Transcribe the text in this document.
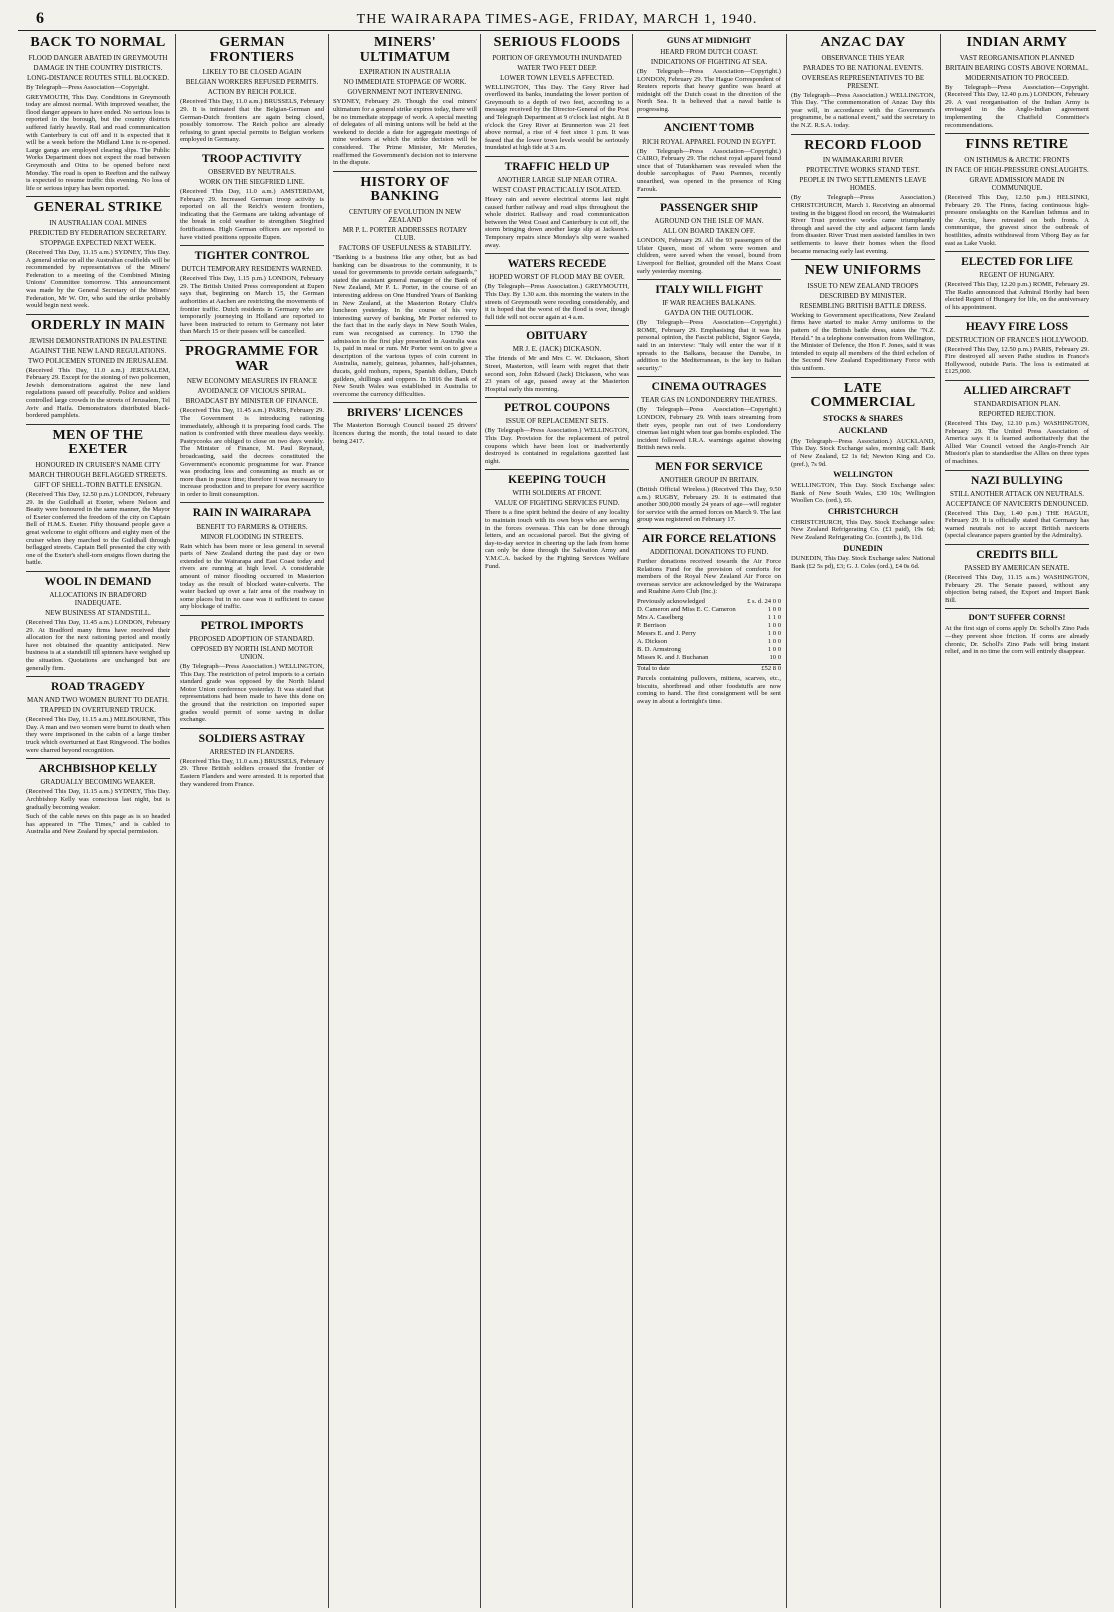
6	THE WAIRARAPA TIMES-AGE, FRIDAY, MARCH 1, 1940.
BACK TO NORMAL
FLOOD DANGER ABATED IN GREYMOUTH
DAMAGE IN THE COUNTRY DISTRICTS.
LONG-DISTANCE ROUTES STILL BLOCKED.
By Telegraph—Press Association—Copyright.
GREYMOUTH, This Day. Conditions in Greymouth today are almost normal. With improved weather, the flood danger appears to have ended. No serious loss is reported in the borough, but the country districts suffered fairly heavily. Rail and road communication with Canterbury is cut off and it is expected that it will be a week before the Midland Line is re-opened. Large gangs are employed clearing slips. The Public Works Department does not expect the road between Greymouth and Otira to be opened before next Monday. The road is open to Reefton and the railway is expected to resume traffic this evening. No loss of life or serious injury has been reported.
GENERAL STRIKE
IN AUSTRALIAN COAL MINES
PREDICTED BY FEDERATION SECRETARY.
STOPPAGE EXPECTED NEXT WEEK.
(Received This Day, 11.15 a.m.) SYDNEY, This Day. A general strike on all the Australian coalfields will be recommended by representatives of the Miners' Federation to a meeting of the Combined Mining Unions' Committee tomorrow. This announcement was made by the General Secretary of the Miners' Federation, Mr W. Orr, who said the strike probably would begin next week.
ORDERLY IN MAIN
JEWISH DEMONSTRATIONS IN PALESTINE
AGAINST THE NEW LAND REGULATIONS.
TWO POLICEMEN STONED IN JERUSALEM.
(Received This Day, 11.0 a.m.) JERUSALEM, February 29. Except for the stoning of two policemen, Jewish demonstrations against the new land regulations passed off peacefully. Police and soldiers controlled large crowds in the streets of Jerusalem, Tel Aviv and Haifa. Demonstrators distributed black-bordered pamphlets.
MEN OF THE EXETER
HONOURED IN CRUISER'S NAME CITY
MARCH THROUGH BEFLAGGED STREETS.
GIFT OF SHELL-TORN BATTLE ENSIGN.
(Received This Day, 12.50 p.m.) LONDON, February 29. In the Guildhall at Exeter, where Nelson and Beatty were honoured in the same manner, the Mayor of Exeter conferred the freedom of the city on Captain Bell of H.M.S. Exeter. Fifty thousand people gave a great welcome to eight officers and eighty men of the cruiser when they marched to the Guildhall through beflagged streets. Captain Bell presented the city with one of the Exeter's shell-torn ensigns flown during the battle.
WOOL IN DEMAND
ALLOCATIONS IN BRADFORD INADEQUATE.
NEW BUSINESS AT STANDSTILL.
(Received This Day, 11.45 a.m.) LONDON, February 29. At Bradford many firms have received their allocation for the next rationing period and mostly have not obtained the quantity anticipated. New business is at a standstill till spinners have weighed up the situation. Quotations are unchanged but are generally firm.
ROAD TRAGEDY
MAN AND TWO WOMEN BURNT TO DEATH.
TRAPPED IN OVERTURNED TRUCK.
(Received This Day, 11.15 a.m.) MELBOURNE, This Day. A man and two women were burnt to death when they were imprisoned in the cabin of a large timber truck which overturned at East Ringwood. The bodies were charred beyond recognition.
ARCHBISHOP KELLY
GRADUALLY BECOMING WEAKER.
(Received This Day, 11.15 a.m.) SYDNEY, This Day. Archbishop Kelly was conscious last night, but is gradually becoming weaker.
Such of the cable news on this page as is so headed has appeared in "The Times," and is cabled to Australia and New Zealand by special permission.
GERMAN FRONTIERS
LIKELY TO BE CLOSED AGAIN
BELGIAN WORKERS REFUSED PERMITS.
ACTION BY REICH POLICE.
(Received This Day, 11.0 a.m.) BRUSSELS, February 29. It is intimated that the Belgian-German and German-Dutch frontiers are again being closed, possibly tomorrow. The Reich police are already refusing to grant special permits to Belgian workers employed in Germany.
TROOP ACTIVITY
OBSERVED BY NEUTRALS.
WORK ON THE SIEGFRIED LINE.
(Received This Day, 11.0 a.m.) AMSTERDAM, February 29. Increased German troop activity is reported on all the Reich's western frontiers, indicating that the Germans are taking advantage of the break in cold weather to strengthen Siegfried fortifications. High German officers are reported to have visited positions opposite Eupen.
TIGHTER CONTROL
DUTCH TEMPORARY RESIDENTS WARNED.
(Received This Day, 1.15 p.m.) LONDON, February 29. The British United Press correspondent at Eupen says that, beginning on March 15, the German authorities at Aachen are restricting the movements of frontier traffic. Dutch residents in Germany who are temporarily journeying in Holland are reported to have been instructed to return to Germany not later than March 15 or their passes will be cancelled.
PROGRAMME FOR WAR
NEW ECONOMY MEASURES IN FRANCE
AVOIDANCE OF VICIOUS SPIRAL.
BROADCAST BY MINISTER OF FINANCE.
(Received This Day, 11.45 a.m.) PARIS, February 29. The Government is introducing rationing immediately, although it is preparing food cards. The nation is confronted with three meatless days weekly. Pastrycooks are obliged to close on two days weekly. The Minister of Finance, M. Paul Reynaud, broadcasting, said the decrees constituted the Government's economic programme for war. France was producing less and consuming as much as or more than in peace time; therefore it was necessary to increase production and to prepare for every sacrifice in order to limit consumption.
RAIN IN WAIRARAPA
BENEFIT TO FARMERS & OTHERS.
MINOR FLOODING IN STREETS.
Rain which has been more or less general in several parts of New Zealand during the past day or two extended to the Wairarapa and East Coast today and rivers are running at high level. A considerable amount of minor flooding occurred in Masterton today as the result of blocked water-culverts. The water backed up over a fair area of the roadway in some places but in no case was it sufficient to cause any blockage of traffic.
PETROL IMPORTS
PROPOSED ADOPTION OF STANDARD.
OPPOSED BY NORTH ISLAND MOTOR UNION.
(By Telegraph—Press Association.) WELLINGTON, This Day. The restriction of petrol imports to a certain standard grade was opposed by the North Island Motor Union conference yesterday. It was stated that representations had been made to have this done on the ground that the restriction on imported super grades would permit of some saving in dollar exchange.
SOLDIERS ASTRAY
ARRESTED IN FLANDERS.
(Received This Day, 11.0 a.m.) BRUSSELS, February 29. Three British soldiers crossed the frontier of Eastern Flanders and were arrested. It is reported that they wandered from France.
MINERS' ULTIMATUM
EXPIRATION IN AUSTRALIA
NO IMMEDIATE STOPPAGE OF WORK.
GOVERNMENT NOT INTERVENING.
SYDNEY, February 29. Though the coal miners' ultimatum for a general strike expires today, there will be no immediate stoppage of work. A special meeting of delegates of all mining unions will be held at the weekend to decide a date for aggregate meetings of mine workers at which the strike decision will be considered. The Prime Minister, Mr Menzies, reaffirmed the Government's decision not to intervene in the dispute.
HISTORY OF BANKING
CENTURY OF EVOLUTION IN NEW ZEALAND
MR P. L. PORTER ADDRESSES ROTARY CLUB.
FACTORS OF USEFULNESS & STABILITY.
"Banking is a business like any other, but as bad banking can be disastrous to the community, it is usual for governments to provide certain safeguards," stated the assistant general manager of the Bank of New Zealand, Mr P. L. Porter, in the course of an interesting address on One Hundred Years of Banking in New Zealand, at the Masterton Rotary Club's luncheon yesterday. In the course of his very interesting survey of banking, Mr Porter referred to the fact that in the early days in New South Wales, rum was recognised as currency. In 1790 the admission to the first play presented in Australia was 1s, paid in meal or rum. Mr Porter went on to give a description of the various types of coin current in Australia, namely, guineas, johannes, half-johannes, ducats, gold mohurs, rupees, Spanish dollars, Dutch guilders, shillings and coppers. In 1816 the Bank of New South Wales was established in Australia to overcome the currency difficulties.
BRIVERS' LICENCES
The Masterton Borough Council issued 25 drivers' licences during the month, the total issued to date being 2417.
SERIOUS FLOODS
PORTION OF GREYMOUTH INUNDATED
WATER TWO FEET DEEP.
LOWER TOWN LEVELS AFFECTED.
WELLINGTON, This Day. The Grey River had overflowed its banks, inundating the lower portion of Greymouth to a depth of two feet, according to a message received by the Director-General of the Post and Telegraph Department at 9 o'clock last night. At 8 o'clock the Grey River at Brunnerton was 21 feet above normal, a rise of 4 feet since 1 p.m. It was feared that the lower town levels would be seriously inundated at high tide at 3 a.m.
TRAFFIC HELD UP
ANOTHER LARGE SLIP NEAR OTIRA.
WEST COAST PRACTICALLY ISOLATED.
Heavy rain and severe electrical storms last night caused further railway and road slips throughout the whole district. Railway and road communication between the West Coast and Canterbury is cut off, the storm bringing down another large slip at Jackson's. Temporary repairs since Monday's slip were washed away.
WATERS RECEDE
HOPED WORST OF FLOOD MAY BE OVER.
(By Telegraph—Press Association.) GREYMOUTH, This Day. By 1.30 a.m. this morning the waters in the streets of Greymouth were receding considerably, and it is hoped that the worst of the flood is over, though full tide will not occur again at 4 a.m.
OBITUARY
MR J. E. (JACK) DICKASON.
The friends of Mr and Mrs C. W. Dickason, Short Street, Masterton, will learn with regret that their second son, John Edward (Jack) Dickason, who was 23 years of age, passed away at the Masterton Hospital early this morning.
PETROL COUPONS
ISSUE OF REPLACEMENT SETS.
(By Telegraph—Press Association.) WELLINGTON, This Day. Provision for the replacement of petrol coupons which have been lost or inadvertently destroyed is contained in regulations gazetted last night.
KEEPING TOUCH
WITH SOLDIERS AT FRONT.
VALUE OF FIGHTING SERVICES FUND.
There is a fine spirit behind the desire of any locality to maintain touch with its own boys who are serving in the forces overseas. This can be done through letters, and an occasional parcel. But the giving of day-to-day service in cheering up the lads from home can only be done through the Salvation Army and Y.M.C.A. backed by the Fighting Services Welfare Fund.
GUNS AT MIDNIGHT
HEARD FROM DUTCH COAST.
INDICATIONS OF FIGHTING AT SEA.
(By Telegraph—Press Association—Copyright.) LONDON, February 29. The Hague Correspondent of Reuters reports that heavy gunfire was heard at midnight off the Dutch coast in the direction of the North Sea. It is believed that a naval battle is progressing.
ANCIENT TOMB
RICH ROYAL APPAREL FOUND IN EGYPT.
(By Telegraph—Press Association—Copyright.) CAIRO, February 29. The richest royal apparel found since that of Tutankhamen was revealed when the double sarcophagus of Pasu Psennes, recently unearthed, was opened in the presence of King Farouk.
PASSENGER SHIP
AGROUND ON THE ISLE OF MAN.
ALL ON BOARD TAKEN OFF.
LONDON, February 29. All the 93 passengers of the Ulster Queen, most of whom were women and children, were saved when the vessel, bound from Liverpool for Belfast, grounded off the Manx Coast early yesterday morning.
ITALY WILL FIGHT
IF WAR REACHES BALKANS.
GAYDA ON THE OUTLOOK.
(By Telegraph—Press Association—Copyright.) ROME, February 29. Emphasising that it was his personal opinion, the Fascist publicist, Signor Gayda, said in an interview: "Italy will enter the war if it spreads to the Balkans, because the Danube, in addition to the Mediterranean, is the key to Italian security."
CINEMA OUTRAGES
TEAR GAS IN LONDONDERRY THEATRES.
(By Telegraph—Press Association—Copyright.) LONDON, February 29. With tears streaming from their eyes, people ran out of two Londonderry cinemas last night when tear gas bombs exploded. The incident followed I.R.A. warnings against showing British news reels.
MEN FOR SERVICE
ANOTHER GROUP IN BRITAIN.
(British Official Wireless.) (Received This Day, 9.50 a.m.) RUGBY, February 29. It is estimated that another 300,000 mostly 24 years of age—will register for service with the armed forces on March 9. The last group was registered on February 17.
AIR FORCE RELATIONS
ADDITIONAL DONATIONS TO FUND.
Further donations received towards the Air Force Relations Fund for the provision of comforts for members of the Royal New Zealand Air Force on overseas service are acknowledged by the Wairarapa and Ruahine Aero Club (Inc.):
Previously acknowledged	£ s. d. 24 0 0
D. Cameron and Miss E. C. Cameron	1 0 0
Mrs A. Caselberg	1 1 0
P. Berrison	1 0 0
Messrs E. and J. Perry	1 0 0
A. Dickson	1 0 0
B. D. Armstrong	1 0 0
Misses K. and J. Buchanan	10 0
Total to date	£52 8 0
Parcels containing pullovers, mittens, scarves, etc., biscuits, shortbread and other foodstuffs are now coming to hand. The first consignment will be sent away in about a fortnight's time.
ANZAC DAY
OBSERVANCE THIS YEAR
PARADES TO BE NATIONAL EVENTS.
OVERSEAS REPRESENTATIVES TO BE PRESENT.
(By Telegraph—Press Association.) WELLINGTON, This Day. "The commemoration of Anzac Day this year will, in accordance with the Government's programme, be a national event," said the secretary to the N.Z. R.S.A. today.
RECORD FLOOD
IN WAIMAKARIRI RIVER
PROTECTIVE WORKS STAND TEST.
PEOPLE IN TWO SETTLEMENTS LEAVE HOMES.
(By Telegraph—Press Association.) CHRISTCHURCH, March 1. Receiving an abnormal testing in the biggest flood on record, the Waimakariri River Trust protective works came triumphantly through and saved the city and adjacent farm lands from disaster. River Trust men assisted families in two settlements to leave their homes when the flood became menacing early last evening.
NEW UNIFORMS
ISSUE TO NEW ZEALAND TROOPS
DESCRIBED BY MINISTER.
RESEMBLING BRITISH BATTLE DRESS.
Working to Government specifications, New Zealand firms have started to make Army uniforms to the pattern of the British battle dress, states the "N.Z. Herald." In a telephone conversation from Wellington, the Minister of Defence, the Hon F. Jones, said it was intended to equip all members of the third echelon of the Second New Zealand Expeditionary Force with this uniform.
LATE COMMERCIAL
STOCKS & SHARES
AUCKLAND
(By Telegraph—Press Association.) AUCKLAND, This Day. Stock Exchange sales, morning call: Bank of New Zealand, £2 1s 6d; Newton King and Co. (pref.), 7s 9d.
WELLINGTON
WELLINGTON, This Day. Stock Exchange sales: Bank of New South Wales, £30 10s; Wellington Woollen Co. (ord.), £6.
CHRISTCHURCH
CHRISTCHURCH, This Day. Stock Exchange sales: New Zealand Refrigerating Co. (£1 paid), 19s 6d; New Zealand Refrigerating Co. (contrib.), 8s 11d.
DUNEDIN
DUNEDIN, This Day. Stock Exchange sales: National Bank (£2 5s pd), £3; G. J. Coles (ord.), £4 0s 6d.
INDIAN ARMY
VAST REORGANISATION PLANNED
BRITAIN BEARING COSTS ABOVE NORMAL.
MODERNISATION TO PROCEED.
By Telegraph—Press Association—Copyright. (Received This Day, 12.40 p.m.) LONDON, February 29. A vast reorganisation of the Indian Army is envisaged in the Anglo-Indian agreement implementing the Chatfield Committee's recommendations.
FINNS RETIRE
ON ISTHMUS & ARCTIC FRONTS
IN FACE OF HIGH-PRESSURE ONSLAUGHTS.
GRAVE ADMISSION MADE IN COMMUNIQUE.
(Received This Day, 12.50 p.m.) HELSINKI, February 29. The Finns, facing continuous high-pressure onslaughts on the Karelian Isthmus and in the Arctic, have retreated on both fronts. A communique, the gravest since the outbreak of hostilities, admits withdrawal from Viborg Bay as far east as Lake Vuoki.
ELECTED FOR LIFE
REGENT OF HUNGARY.
(Received This Day, 12.20 p.m.) ROME, February 29. The Radio announced that Admiral Horthy had been elected Regent of Hungary for life, on the anniversary of his appointment.
HEAVY FIRE LOSS
DESTRUCTION OF FRANCE'S HOLLYWOOD.
(Received This Day, 12.50 p.m.) PARIS, February 29. Fire destroyed all seven Pathe studios in France's Hollywood, outside Paris. The loss is estimated at £125,000.
ALLIED AIRCRAFT
STANDARDISATION PLAN.
REPORTED REJECTION.
(Received This Day, 12.10 p.m.) WASHINGTON, February 29. The United Press Association of America says it is learned authoritatively that the Allied War Council vetoed the Anglo-French Air Mission's plan to standardise the Allies on three types of machines.
NAZI BULLYING
STILL ANOTHER ATTACK ON NEUTRALS.
ACCEPTANCE OF NAVICERTS DENOUNCED.
(Received This Day, 1.40 p.m.) THE HAGUE, February 29. It is officially stated that Germany has warned neutrals not to accept British navicerts (special clearance papers granted by the Admiralty).
CREDITS BILL
PASSED BY AMERICAN SENATE.
(Received This Day, 11.15 a.m.) WASHINGTON, February 29. The Senate passed, without any objection being raised, the Export and Import Bank Bill.
DON'T SUFFER CORNS!
At the first sign of corns apply Dr. Scholl's Zino Pads—they prevent shoe friction. If corns are already chronic, Dr. Scholl's Zino Pads will bring instant relief, and in no time the corn will entirely disappear.
